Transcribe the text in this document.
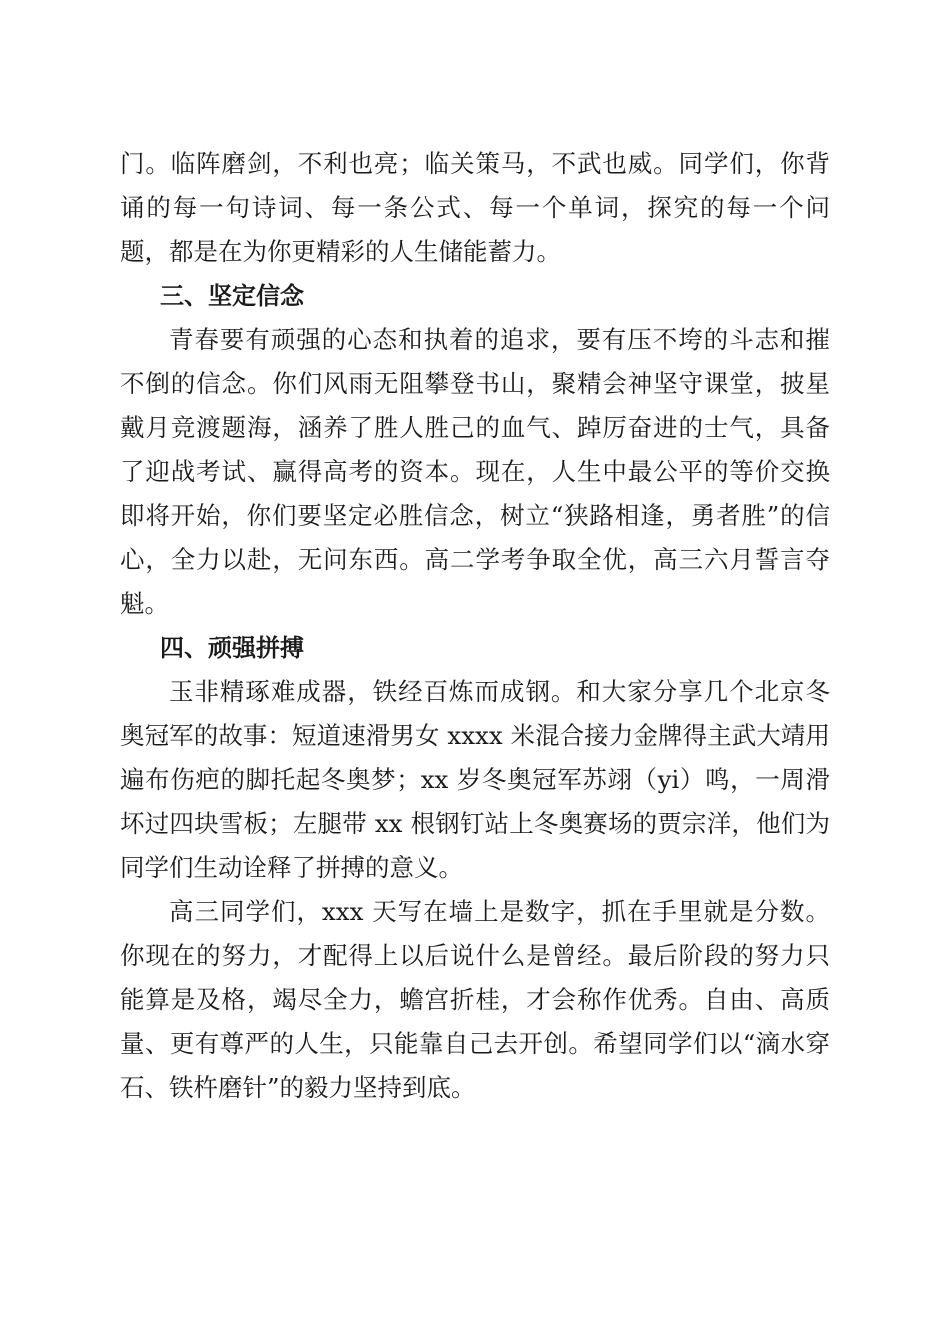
门。临阵磨剑，不利也亮；临关策马，不武也威。同学们，你背诵的每一句诗词、每一条公式、每一个单词，探究的每一个问题，都是在为你更精彩的人生储能蓄力。

三、坚定信念

青春要有顽强的心态和执着的追求，要有压不垮的斗志和摧不倒的信念。你们风雨无阻攀登书山，聚精会神坚守课堂，披星戴月竞渡题海，涵养了胜人胜己的血气、踔厉奋进的士气，具备了迎战考试、赢得高考的资本。现在，人生中最公平的等价交换即将开始，你们要坚定必胜信念，树立“狭路相逢，勇者胜”的信心，全力以赴，无问东西。高二学考争取全优，高三六月誓言夺魁。

四、顽强拼搏

玉非精琢难成器，铁经百炼而成钢。和大家分享几个北京冬奥冠军的故事：短道速滑男女 xxxx 米混合接力金牌得主武大靖用遍布伤疤的脚托起冬奥梦；xx 岁冬奥冠军苏翊（yi）鸣，一周滑坏过四块雪板；左腿带 xx 根钢钉站上冬奥赛场的贾宗洋，他们为同学们生动诠释了拼搏的意义。

高三同学们，xxx 天写在墙上是数字，抓在手里就是分数。你现在的努力，才配得上以后说什么是曾经。最后阶段的努力只能算是及格，竭尽全力，蟾宫折桂，才会称作优秀。自由、高质量、更有尊严的人生，只能靠自己去开创。希望同学们以“滴水穿石、铁杵磨针”的毅力坚持到底。
